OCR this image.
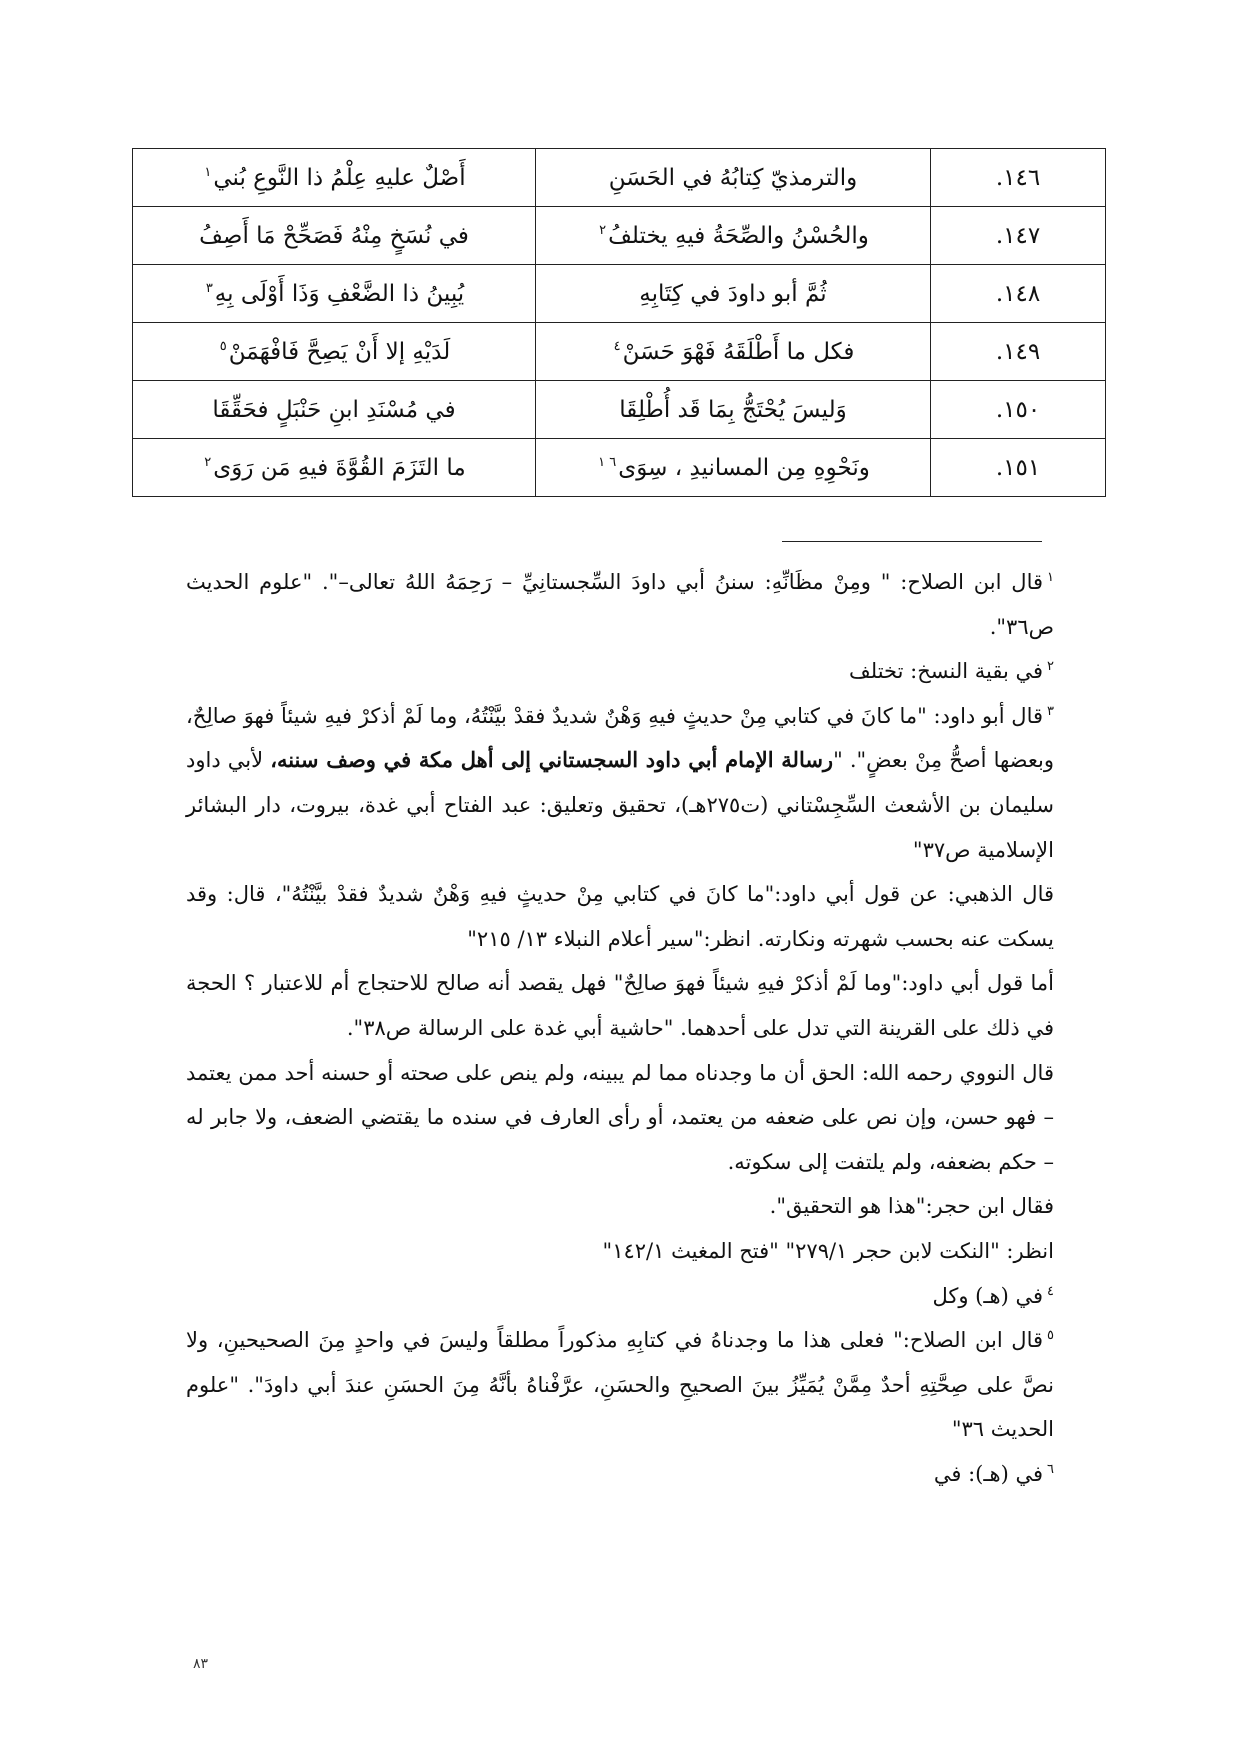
١٤٦.	والترمذيّ كِتابُهُ في الحَسَنِ	أَصْلٌ عليهِ عِلْمُ ذا النَّوعِ بُني$^١$
١٤٧.	والحُسْنُ والصِّحَةُ فيهِ يختلفُ$^٢$	في نُسَخٍ مِنْهُ فَصَحِّحْ مَا أَصِفُ
١٤٨.	ثُمَّ أبو داودَ في كِتَابِهِ	يُبِينُ ذا الضَّعْفِ وَذَا أَوْلَى بِهِ$^٣$
١٤٩.	فكل ما أَطْلَقَهُ فَهْوَ حَسَنْ$^٤$	لَدَيْهِ إلا أَنْ يَصِحَّ فَافْهَمَنْ$^٥$
١٥٠.	وَليسَ يُحْتَجُّ بِمَا قَد أُطْلِقَا	في مُسْنَدِ ابنِ حَنْبَلٍ فحَقِّقَا
١٥١.	ونَحْوِهِ مِن المسانيدِ ، سِوَى$^{٦ ١}$	ما التَزَمَ القُوَّةَ فيهِ مَن رَوَى$^٢$

$^١$قال ابن الصلاح: " ومِنْ مظَانِّهِ: سننُ أبي داودَ السِّجستانِيِّ – رَحِمَهُ اللهُ تعالى–". "علوم الحديث ص٣٦".

$^٢$في بقية النسخ: تختلف

$^٣$قال أبو داود: "ما كانَ في كتابي مِنْ حديثٍ فيهِ وَهْنٌ شديدٌ فقدْ بيَّنْتُهُ، وما لَمْ أذكرْ فيهِ شيئاً فهوَ صالِحٌ، وبعضها أصحُّ مِنْ بعضٍ". "رسالة الإمام أبي داود السجستاني إلى أهل مكة في وصف سننه، لأبي داود سليمان بن الأشعث السِّجِسْتاني (ت٢٧٥هـ)، تحقيق وتعليق: عبد الفتاح أبي غدة، بيروت، دار البشائر الإسلامية ص٣٧"

قال الذهبي: عن قول أبي داود:"ما كانَ في كتابي مِنْ حديثٍ فيهِ وَهْنٌ شديدٌ فقدْ بيَّنْتُهُ"، قال: وقد يسكت عنه بحسب شهرته ونكارته. انظر:"سير أعلام النبلاء ١٣/ ٢١٥"

أما قول أبي داود:"وما لَمْ أذكرْ فيهِ شيئاً فهوَ صالِحٌ" فهل يقصد أنه صالح للاحتجاج أم للاعتبار ؟ الحجة في ذلك على القرينة التي تدل على أحدهما. "حاشية أبي غدة على الرسالة ص٣٨".

قال النووي رحمه الله: الحق أن ما وجدناه مما لم يبينه، ولم ينص على صحته أو حسنه أحد ممن يعتمد – فهو حسن، وإن نص على ضعفه من يعتمد، أو رأى العارف في سنده ما يقتضي الضعف، ولا جابر له – حكم بضعفه، ولم يلتفت إلى سكوته.

فقال ابن حجر:"هذا هو التحقيق".

انظر: "النكت لابن حجر ٢٧٩/١" "فتح المغيث ١٤٢/١"

$^٤$في (هـ) وكل

$^٥$قال ابن الصلاح:" فعلى هذا ما وجدناهُ في كتابِهِ مذكوراً مطلقاً وليسَ في واحدٍ مِنَ الصحيحينِ، ولا نصَّ على صِحَّتِهِ أحدٌ مِمَّنْ يُمَيِّزُ بينَ الصحيحِ والحسَنِ، عرَّفْناهُ بأنَّهُ مِنَ الحسَنِ عندَ أبي داودَ". "علوم الحديث ٣٦"

$^٦$في (هـ): في

٨٣
